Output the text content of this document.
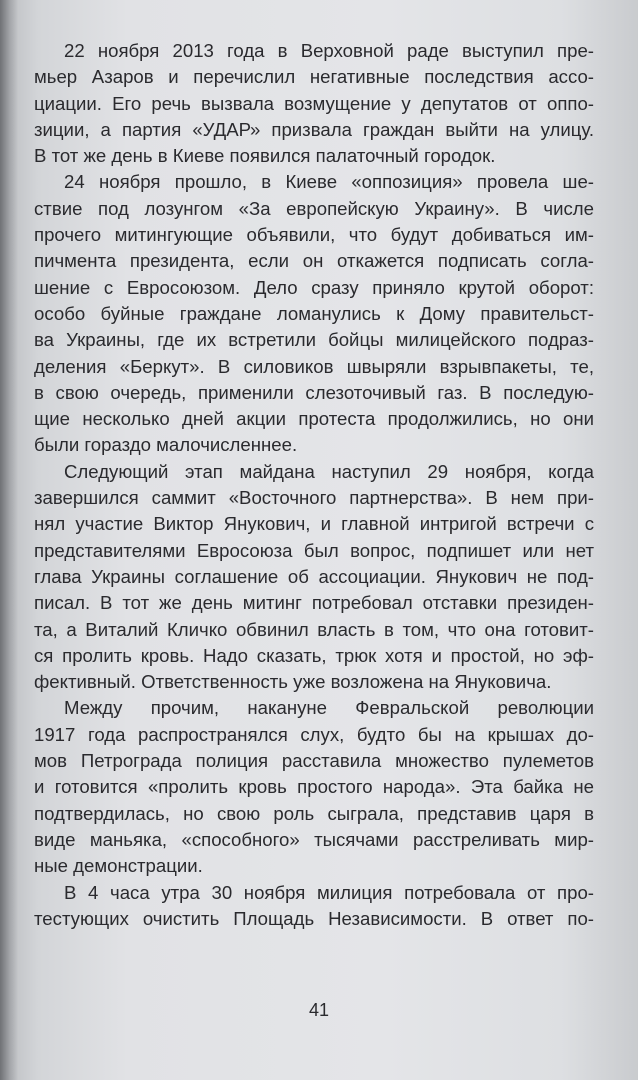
22 ноября 2013 года в Верховной раде выступил пре-
мьер Азаров и перечислил негативные последствия ассо-
циации. Его речь вызвала возмущение у депутатов от оппо-
зиции, а партия «УДАР» призвала граждан выйти на улицу.
В тот же день в Киеве появился палаточный городок.
24 ноября прошло, в Киеве «оппозиция» провела ше-
ствие под лозунгом «За европейскую Украину». В числе
прочего митингующие объявили, что будут добиваться им-
пичмента президента, если он откажется подписать согла-
шение с Евросоюзом. Дело сразу приняло крутой оборот:
особо буйные граждане ломанулись к Дому правительст-
ва Украины, где их встретили бойцы милицейского подраз-
деления «Беркут». В силовиков швыряли взрывпакеты, те,
в свою очередь, применили слезоточивый газ. В последую-
щие несколько дней акции протеста продолжились, но они
были гораздо малочисленнее.
Следующий этап майдана наступил 29 ноября, когда
завершился саммит «Восточного партнерства». В нем при-
нял участие Виктор Янукович, и главной интригой встречи с
представителями Евросоюза был вопрос, подпишет или нет
глава Украины соглашение об ассоциации. Янукович не под-
писал. В тот же день митинг потребовал отставки президен-
та, а Виталий Кличко обвинил власть в том, что она готовит-
ся пролить кровь. Надо сказать, трюк хотя и простой, но эф-
фективный. Ответственность уже возложена на Януковича.
Между прочим, накануне Февральской революции
1917 года распространялся слух, будто бы на крышах до-
мов Петрограда полиция расставила множество пулеметов
и готовится «пролить кровь простого народа». Эта байка не
подтвердилась, но свою роль сыграла, представив царя в
виде маньяка, «способного» тысячами расстреливать мир-
ные демонстрации.
В 4 часа утра 30 ноября милиция потребовала от про-
тестующих очистить Площадь Независимости. В ответ по-
41
